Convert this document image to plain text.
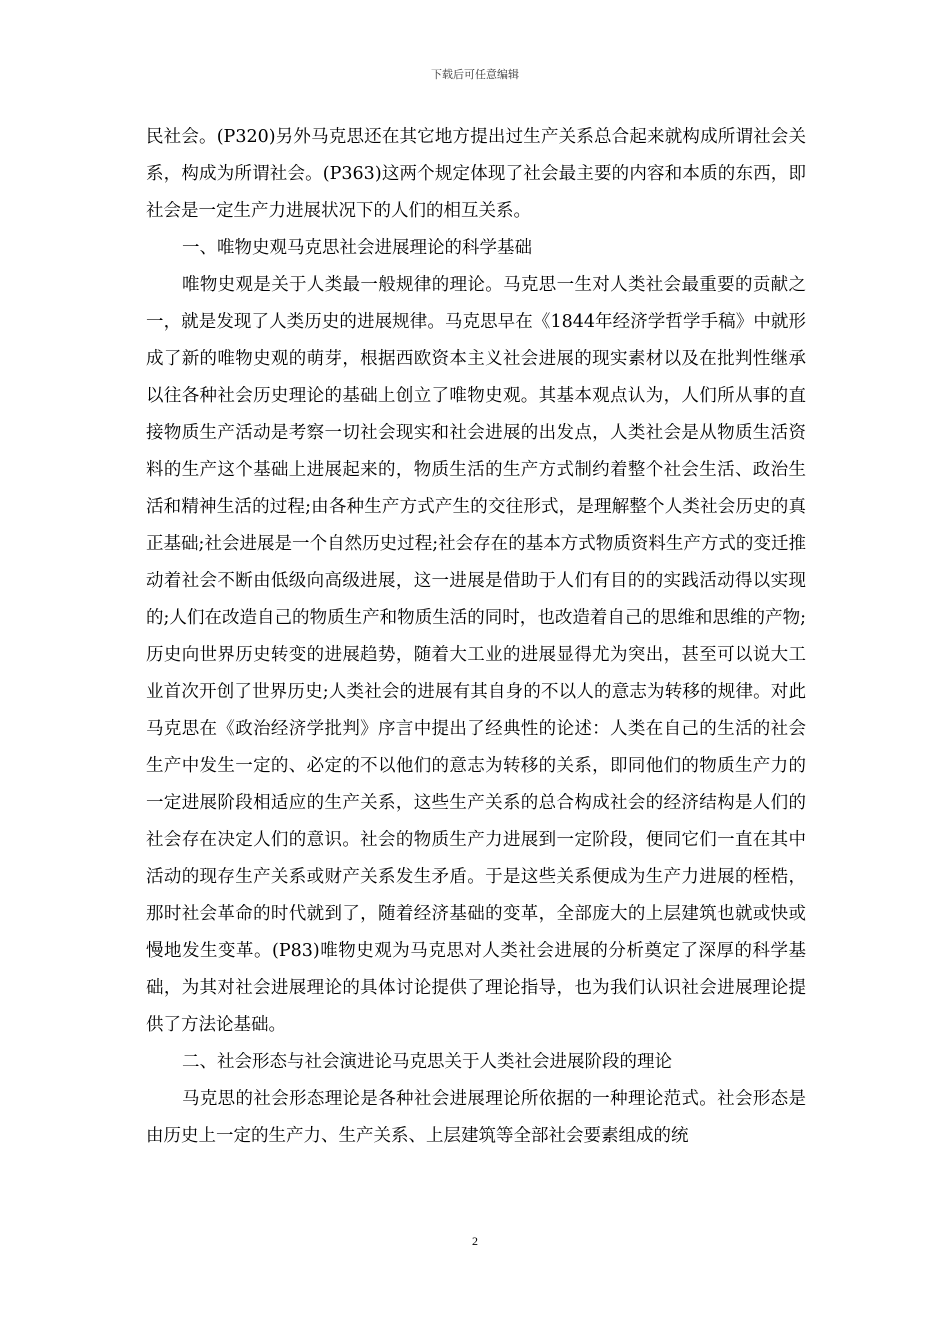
下载后可任意编辑

民社会。(P320)另外马克思还在其它地方提出过生产关系总合起来就构成所谓社会关系，构成为所谓社会。(P363)这两个规定体现了社会最主要的内容和本质的东西，即社会是一定生产力进展状况下的人们的相互关系。

一、唯物史观马克思社会进展理论的科学基础

唯物史观是关于人类最一般规律的理论。马克思一生对人类社会最重要的贡献之一，就是发现了人类历史的进展规律。马克思早在《1844年经济学哲学手稿》中就形成了新的唯物史观的萌芽，根据西欧资本主义社会进展的现实素材以及在批判性继承以往各种社会历史理论的基础上创立了唯物史观。其基本观点认为，人们所从事的直接物质生产活动是考察一切社会现实和社会进展的出发点，人类社会是从物质生活资料的生产这个基础上进展起来的，物质生活的生产方式制约着整个社会生活、政治生活和精神生活的过程;由各种生产方式产生的交往形式，是理解整个人类社会历史的真正基础;社会进展是一个自然历史过程;社会存在的基本方式物质资料生产方式的变迁推动着社会不断由低级向高级进展，这一进展是借助于人们有目的的实践活动得以实现的;人们在改造自己的物质生产和物质生活的同时，也改造着自己的思维和思维的产物;历史向世界历史转变的进展趋势，随着大工业的进展显得尤为突出，甚至可以说大工业首次开创了世界历史;人类社会的进展有其自身的不以人的意志为转移的规律。对此马克思在《政治经济学批判》序言中提出了经典性的论述：人类在自己的生活的社会生产中发生一定的、必定的不以他们的意志为转移的关系，即同他们的物质生产力的一定进展阶段相适应的生产关系，这些生产关系的总合构成社会的经济结构是人们的社会存在决定人们的意识。社会的物质生产力进展到一定阶段，便同它们一直在其中活动的现存生产关系或财产关系发生矛盾。于是这些关系便成为生产力进展的桎梏，那时社会革命的时代就到了，随着经济基础的变革，全部庞大的上层建筑也就或快或慢地发生变革。(P83)唯物史观为马克思对人类社会进展的分析奠定了深厚的科学基础，为其对社会进展理论的具体讨论提供了理论指导，也为我们认识社会进展理论提供了方法论基础。

二、社会形态与社会演进论马克思关于人类社会进展阶段的理论

马克思的社会形态理论是各种社会进展理论所依据的一种理论范式。社会形态是由历史上一定的生产力、生产关系、上层建筑等全部社会要素组成的统

2
